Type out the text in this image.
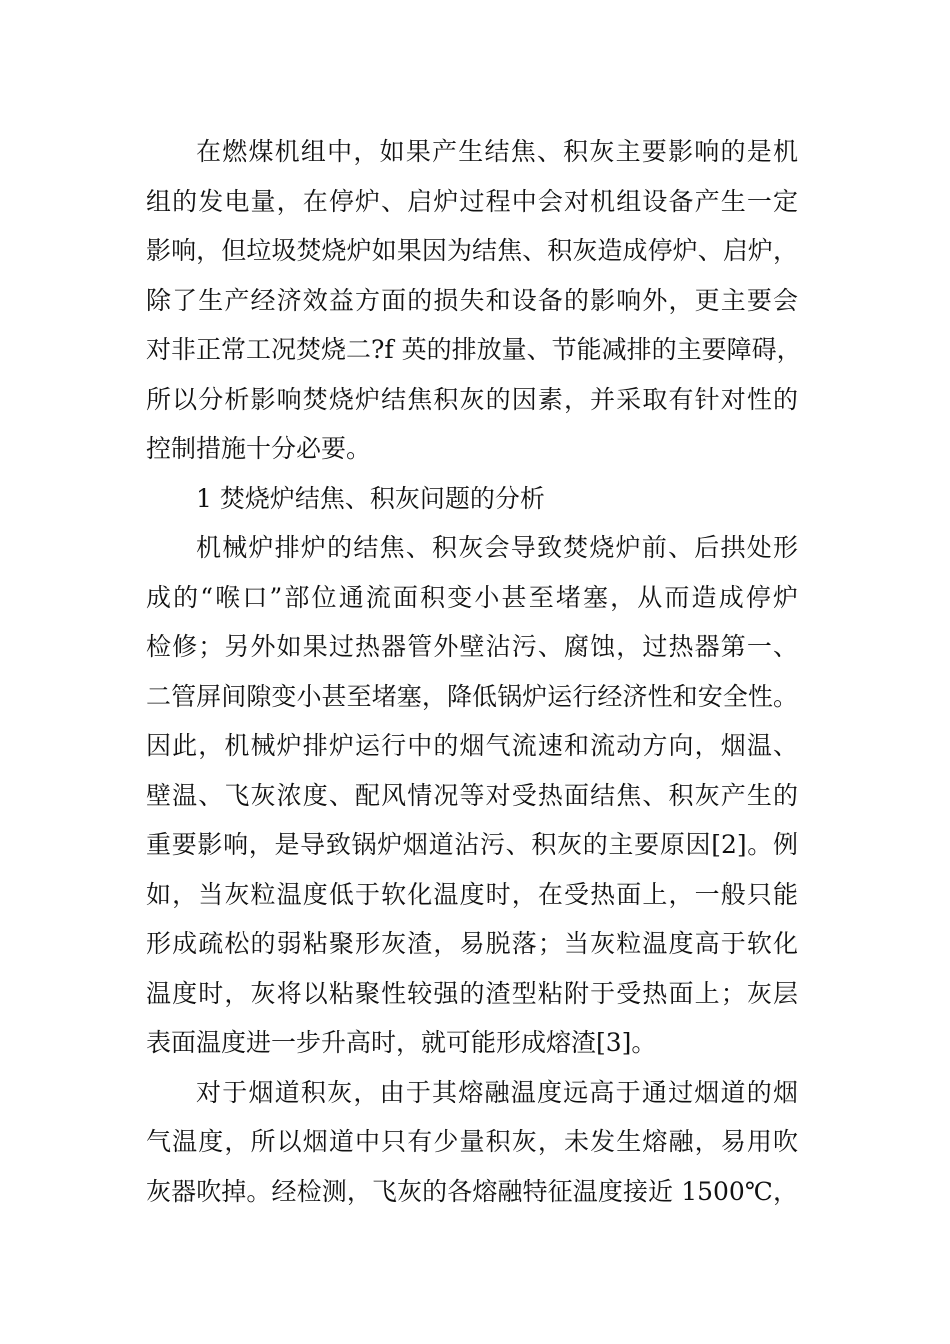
在燃煤机组中，如果产生结焦、积灰主要影响的是机
组的发电量，在停炉、启炉过程中会对机组设备产生一定
影响，但垃圾焚烧炉如果因为结焦、积灰造成停炉、启炉，
除了生产经济效益方面的损失和设备的影响外，更主要会
对非正常工况焚烧二?f 英的排放量、节能减排的主要障碍，
所以分析影响焚烧炉结焦积灰的因素，并采取有针对性的
控制措施十分必要。
1 焚烧炉结焦、积灰问题的分析
机械炉排炉的结焦、积灰会导致焚烧炉前、后拱处形
成的“喉口”部位通流面积变小甚至堵塞，从而造成停炉
检修；另外如果过热器管外壁沾污、腐蚀，过热器第一、
二管屏间隙变小甚至堵塞，降低锅炉运行经济性和安全性。
因此，机械炉排炉运行中的烟气流速和流动方向，烟温、
壁温、飞灰浓度、配风情况等对受热面结焦、积灰产生的
重要影响，是导致锅炉烟道沾污、积灰的主要原因[2]。例
如，当灰粒温度低于软化温度时，在受热面上，一般只能
形成疏松的弱粘聚形灰渣，易脱落；当灰粒温度高于软化
温度时，灰将以粘聚性较强的渣型粘附于受热面上；灰层
表面温度进一步升高时，就可能形成熔渣[3]。
对于烟道积灰，由于其熔融温度远高于通过烟道的烟
气温度，所以烟道中只有少量积灰，未发生熔融，易用吹
灰器吹掉。经检测，飞灰的各熔融特征温度接近 1500℃，
